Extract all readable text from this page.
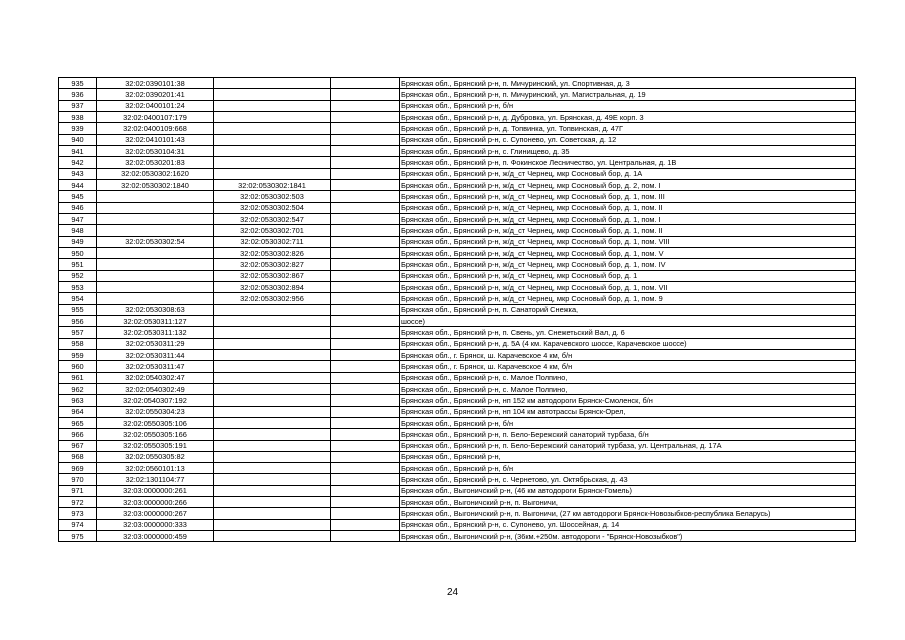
935	32:02:0390101:38			Брянская обл., Брянский р-н, п. Мичуринский, ул. Спортивная, д. 3
936	32:02:0390201:41			Брянская обл., Брянский р-н, п. Мичуринский, ул. Магистральная, д. 19
937	32:02:0400101:24			Брянская обл., Брянский р-н, б/н
938	32:02:0400107:179			Брянская обл., Брянский р-н, д. Дубровка, ул. Брянская, д. 49Е корп. 3
939	32:02:0400109:668			Брянская обл., Брянский р-н, д. Топвинка, ул. Топвинская, д. 47Г
940	32:02:0410101:43			Брянская обл., Брянский р-н, с. Супонево, ул. Советская, д. 12
941	32:02:0530104:31			Брянская обл., Брянский р-н, с. Глинищево, д. 35
942	32:02:0530201:83			Брянская обл., Брянский р-н, п. Фокинское Лесничество, ул. Центральная, д. 1В
943	32:02:0530302:1620			Брянская обл., Брянский р-н, ж/д_ст Чернец, мкр Сосновый бор, д. 1А
944	32:02:0530302:1840	32:02:0530302:1841		Брянская обл., Брянский р-н, ж/д_ст Чернец, мкр Сосновый бор, д. 2, пом. I
945		32:02:0530302:503		Брянская обл., Брянский р-н, ж/д_ст Чернец, мкр Сосновый бор, д. 1, пом. III
946		32:02:0530302:504		Брянская обл., Брянский р-н, ж/д_ст Чернец, мкр Сосновый бор, д. 1, пом. II
947		32:02:0530302:547		Брянская обл., Брянский р-н, ж/д_ст Чернец, мкр Сосновый бор, д. 1, пом. I
948		32:02:0530302:701		Брянская обл., Брянский р-н, ж/д_ст Чернец, мкр Сосновый бор, д. 1, пом. II
949	32:02:0530302:54	32:02:0530302:711		Брянская обл., Брянский р-н, ж/д_ст Чернец, мкр Сосновый бор, д. 1, пом. VIII
950		32:02:0530302:826		Брянская обл., Брянский р-н, ж/д_ст Чернец, мкр Сосновый бор, д. 1, пом. V
951		32:02:0530302:827		Брянская обл., Брянский р-н, ж/д_ст Чернец, мкр Сосновый бор, д. 1, пом. IV
952		32:02:0530302:867		Брянская обл., Брянский р-н, ж/д_ст Чернец, мкр Сосновый бор, д. 1
953		32:02:0530302:894		Брянская обл., Брянский р-н, ж/д_ст Чернец, мкр Сосновый бор, д. 1, пом. VII
954		32:02:0530302:956		Брянская обл., Брянский р-н, ж/д_ст Чернец, мкр Сосновый бор, д. 1, пом. 9
955	32:02:0530308:63			Брянская обл., Брянский р-н, п. Санаторий Снежка,
956	32:02:0530311:127			шоссе)
957	32:02:0530311:132			Брянская обл., Брянский р-н, п. Свень, ул. Снежетьский Вал, д. 6
958	32:02:0530311:29			Брянская обл., Брянский р-н, д. 5А (4 км. Карачевского шоссе, Карачевское шоссе)
959	32:02:0530311:44			Брянская обл., г. Брянск, ш. Карачевское 4 км, б/н
960	32:02:0530311:47			Брянская обл., г. Брянск, ш. Карачевское 4 км, б/н
961	32:02:0540302:47			Брянская обл., Брянский р-н, с. Малое Полпино,
962	32:02:0540302:49			Брянская обл., Брянский р-н, с. Малое Полпино,
963	32:02:0540307:192			Брянская обл., Брянский р-н, нп 152 км автодороги Брянск-Смоленск, б/н
964	32:02:0550304:23			Брянская обл., Брянский р-н, нп 104 км автотрассы Брянск-Орел,
965	32:02:0550305:106			Брянская обл., Брянский р-н, б/н
966	32:02:0550305:166			Брянская обл., Брянский р-н, п. Бело-Бережский санаторий турбаза, б/н
967	32:02:0550305:191			Брянская обл., Брянский р-н, п. Бело-Бережский санаторий турбаза, ул. Центральная, д. 17А
968	32:02:0550305:82			Брянская обл., Брянский р-н,
969	32:02:0560101:13			Брянская обл., Брянский р-н, б/н
970	32:02:1301104:77			Брянская обл., Брянский р-н, с. Чернетово, ул. Октябрьская, д. 43
971	32:03:0000000:261			Брянская обл., Выгоничский р-н, (46 км автодороги Брянск-Гомель)
972	32:03:0000000:266			Брянская обл., Выгоничский р-н, п. Выгоничи,
973	32:03:0000000:267			Брянская обл., Выгоничский р-н, п. Выгоничи, (27 км автодороги Брянск-Новозыбков-республика Беларусь)
974	32:03:0000000:333			Брянская обл., Брянский р-н, с. Супонево, ул. Шоссейная, д. 14
975	32:03:0000000:459			Брянская обл., Выгоничский р-н, (36км.+250м. автодороги - "Брянск-Новозыбков")
24
